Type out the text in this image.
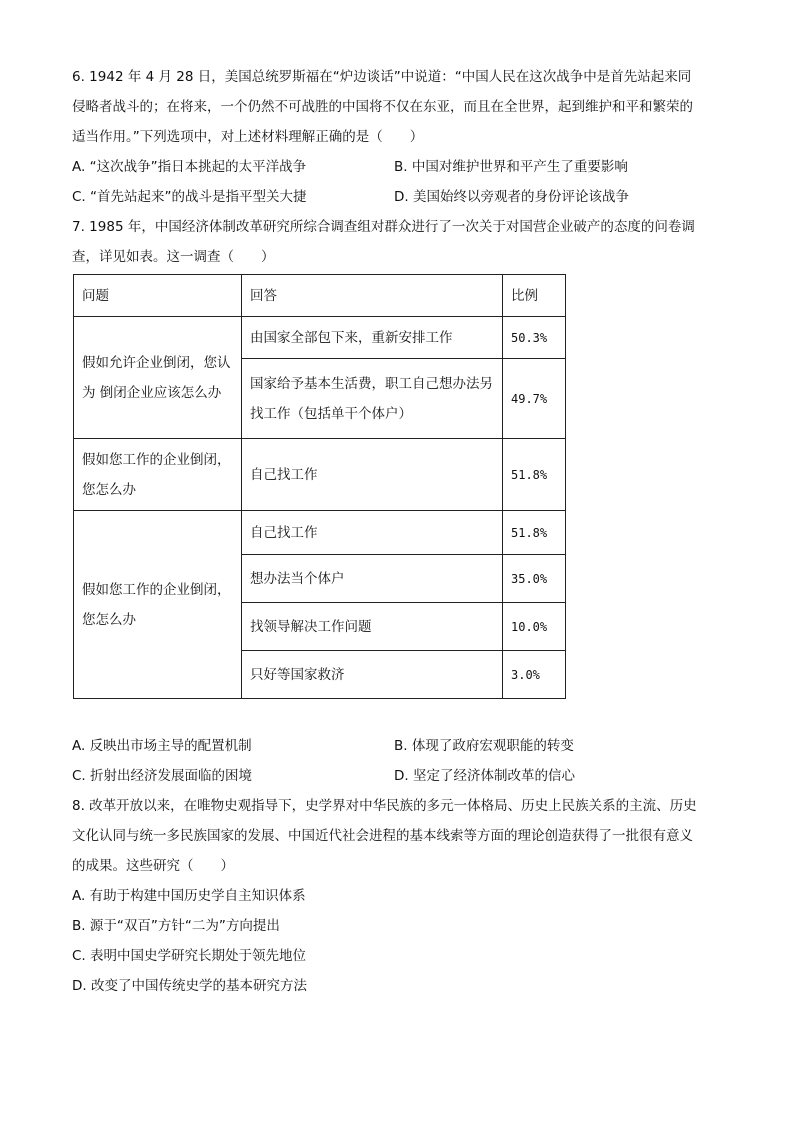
6. 1942 年 4 月 28 日，美国总统罗斯福在“炉边谈话”中说道：“中国人民在这次战争中是首先站起来同
侵略者战斗的；在将来，一个仍然不可战胜的中国将不仅在东亚，而且在全世界，起到维护和平和繁荣的
适当作用。”下列选项中，对上述材料理解正确的是（　　）
A. “这次战争”指日本挑起的太平洋战争	B. 中国对维护世界和平产生了重要影响
C. “首先站起来”的战斗是指平型关大捷	D. 美国始终以旁观者的身份评论该战争
7. 1985 年，中国经济体制改革研究所综合调查组对群众进行了一次关于对国营企业破产的态度的问卷调
查，详见如表。这一调查（　　）
问题	回答	比例
假如允许企业倒闭，您认为 倒闭企业应该怎么办	由国家全部包下来，重新安排工作	50.3%
	国家给予基本生活费，职工自己想办法另找工作（包括单干个体户）	49.7%
假如您工作的企业倒闭，您怎么办	自己找工作	51.8%
假如您工作的企业倒闭，您怎么办	自己找工作	51.8%
	想办法当个体户	35.0%
	找领导解决工作问题	10.0%
	只好等国家救济	3.0%
A. 反映出市场主导的配置机制	B. 体现了政府宏观职能的转变
C. 折射出经济发展面临的困境	D. 坚定了经济体制改革的信心
8. 改革开放以来，在唯物史观指导下，史学界对中华民族的多元一体格局、历史上民族关系的主流、历史
文化认同与统一多民族国家的发展、中国近代社会进程的基本线索等方面的理论创造获得了一批很有意义
的成果。这些研究（　　）
A. 有助于构建中国历史学自主知识体系
B. 源于“双百”方针“二为”方向提出
C. 表明中国史学研究长期处于领先地位
D. 改变了中国传统史学的基本研究方法
